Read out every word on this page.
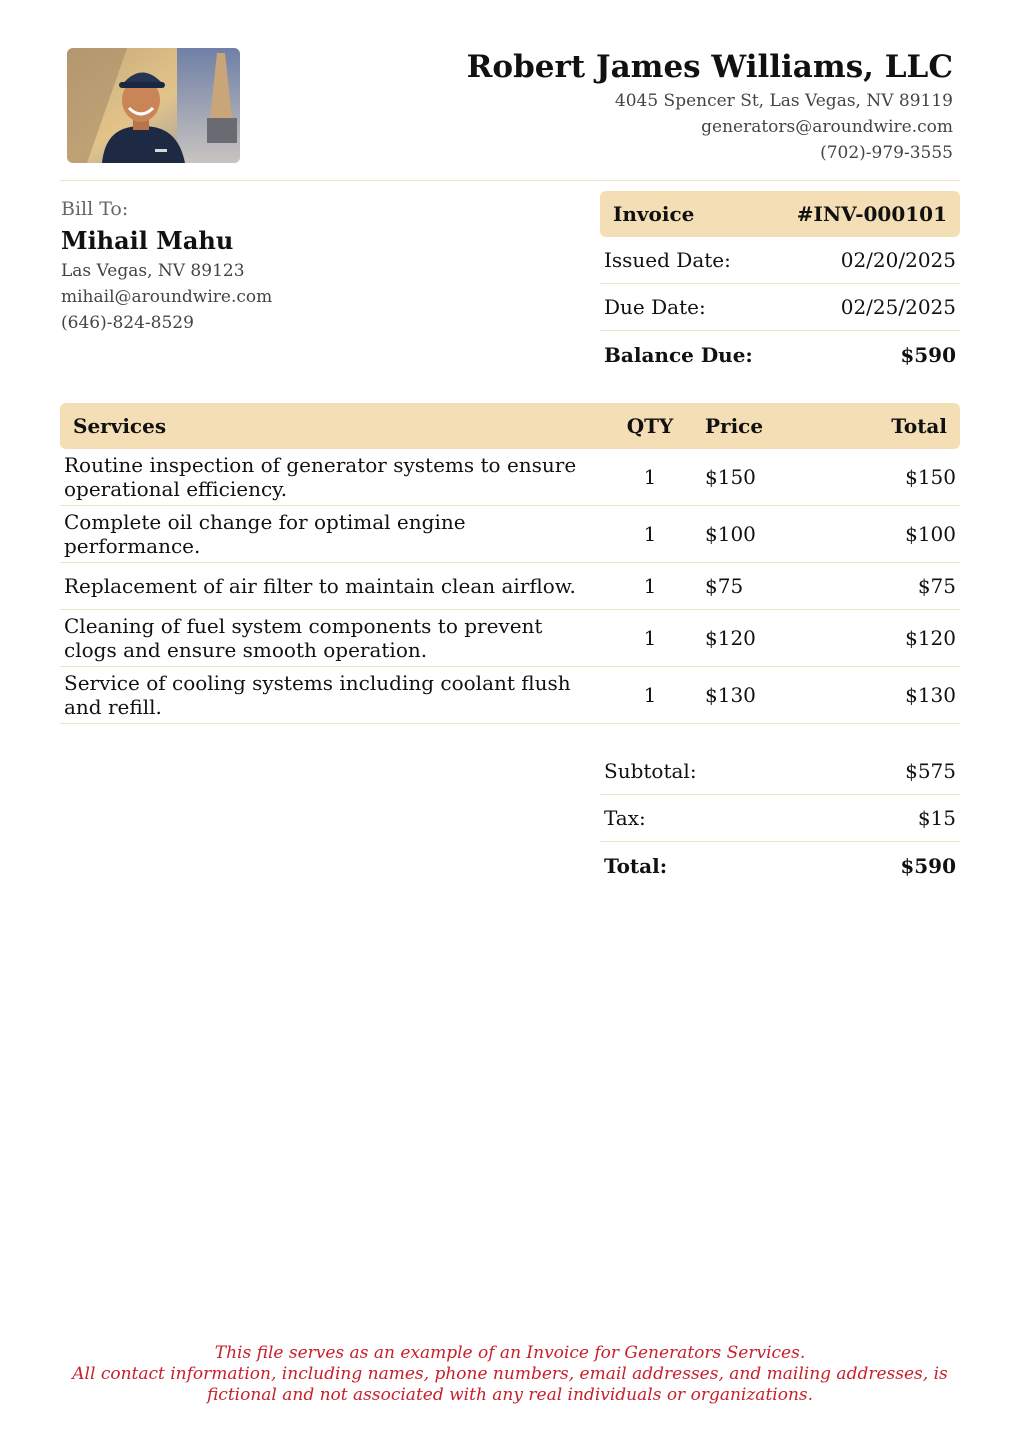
Robert James Williams, LLC
4045 Spencer St, Las Vegas, NV 89119
generators@aroundwire.com
(702)-979-3555
Bill To:
Mihail Mahu
Las Vegas, NV 89123
mihail@aroundwire.com
(646)-824-8529
Invoice	#INV-000101
Issued Date:	02/20/2025
Due Date:	02/25/2025
Balance Due:	$590
Services	QTY	Price	Total
Routine inspection of generator systems to ensure operational efficiency.	1	$150	$150
Complete oil change for optimal engine performance.	1	$100	$100
Replacement of air filter to maintain clean airflow.	1	$75	$75
Cleaning of fuel system components to prevent clogs and ensure smooth operation.	1	$120	$120
Service of cooling systems including coolant flush and refill.	1	$130	$130
Subtotal:	$575
Tax:	$15
Total:	$590
This file serves as an example of an Invoice for Generators Services.
All contact information, including names, phone numbers, email addresses, and mailing addresses, is
fictional and not associated with any real individuals or organizations.
